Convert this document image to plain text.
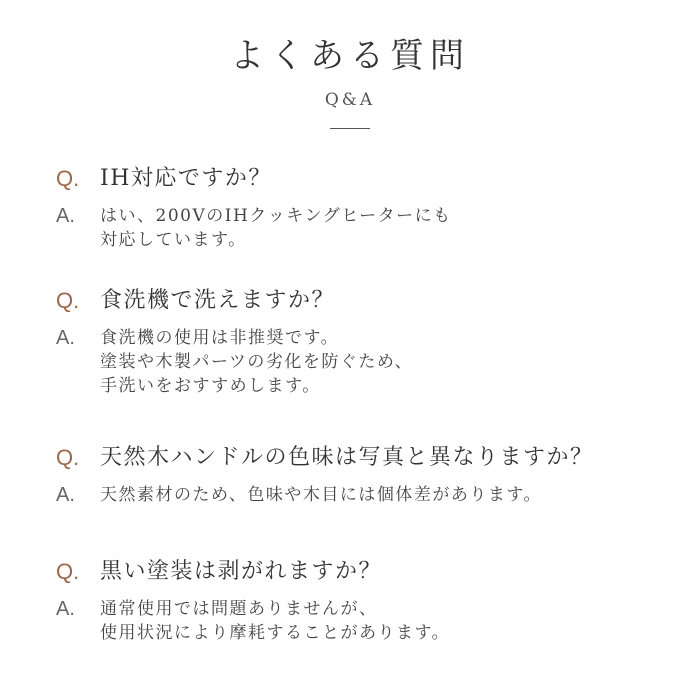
よくある質問
Q&A
Q. IH対応ですか？
A.	はい、200VのIHクッキングヒーターにも
対応しています。
Q. 食洗機で洗えますか？
A.	食洗機の使用は非推奨です。
塗装や木製パーツの劣化を防ぐため、
手洗いをおすすめします。
Q. 天然木ハンドルの色味は写真と異なりますか？
A.	天然素材のため、色味や木目には個体差があります。
Q. 黒い塗装は剥がれますか？
A.	通常使用では問題ありませんが、
使用状況により摩耗することがあります。
